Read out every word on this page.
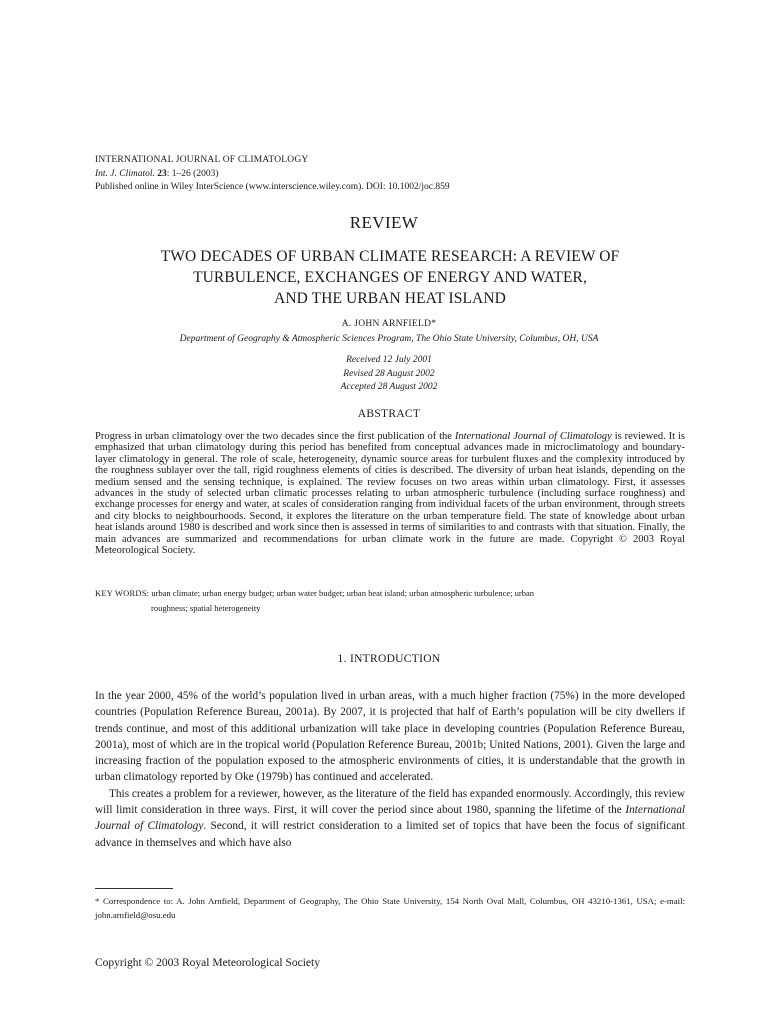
INTERNATIONAL JOURNAL OF CLIMATOLOGY
Int. J. Climatol. 23: 1–26 (2003)
Published online in Wiley InterScience (www.interscience.wiley.com). DOI: 10.1002/joc.859
REVIEW
TWO DECADES OF URBAN CLIMATE RESEARCH: A REVIEW OF
TURBULENCE, EXCHANGES OF ENERGY AND WATER,
AND THE URBAN HEAT ISLAND
A. JOHN ARNFIELD*
Department of Geography & Atmospheric Sciences Program, The Ohio State University, Columbus, OH, USA
Received 12 July 2001
Revised 28 August 2002
Accepted 28 August 2002
ABSTRACT
Progress in urban climatology over the two decades since the first publication of the International Journal of Climatology is reviewed. It is emphasized that urban climatology during this period has benefited from conceptual advances made in microclimatology and boundary-layer climatology in general. The role of scale, heterogeneity, dynamic source areas for turbulent fluxes and the complexity introduced by the roughness sublayer over the tall, rigid roughness elements of cities is described. The diversity of urban heat islands, depending on the medium sensed and the sensing technique, is explained. The review focuses on two areas within urban climatology. First, it assesses advances in the study of selected urban climatic processes relating to urban atmospheric turbulence (including surface roughness) and exchange processes for energy and water, at scales of consideration ranging from individual facets of the urban environment, through streets and city blocks to neighbourhoods. Second, it explores the literature on the urban temperature field. The state of knowledge about urban heat islands around 1980 is described and work since then is assessed in terms of similarities to and contrasts with that situation. Finally, the main advances are summarized and recommendations for urban climate work in the future are made. Copyright © 2003 Royal Meteorological Society.
KEY WORDS: urban climate; urban energy budget; urban water budget; urban heat island; urban atmospheric turbulence; urban
roughness; spatial heterogeneity
1. INTRODUCTION

In the year 2000, 45% of the world’s population lived in urban areas, with a much higher fraction (75%) in the more developed countries (Population Reference Bureau, 2001a). By 2007, it is projected that half of Earth’s population will be city dwellers if trends continue, and most of this additional urbanization will take place in developing countries (Population Reference Bureau, 2001a), most of which are in the tropical world (Population Reference Bureau, 2001b; United Nations, 2001). Given the large and increasing fraction of the population exposed to the atmospheric environments of cities, it is understandable that the growth in urban climatology reported by Oke (1979b) has continued and accelerated.

This creates a problem for a reviewer, however, as the literature of the field has expanded enormously. Accordingly, this review will limit consideration in three ways. First, it will cover the period since about 1980, spanning the lifetime of the International Journal of Climatology. Second, it will restrict consideration to a limited set of topics that have been the focus of significant advance in themselves and which have also

* Correspondence to: A. John Arnfield, Department of Geography, The Ohio State University, 154 North Oval Mall, Columbus, OH 43210-1361, USA; e-mail: john.arnfield@osu.edu
Copyright © 2003 Royal Meteorological Society
